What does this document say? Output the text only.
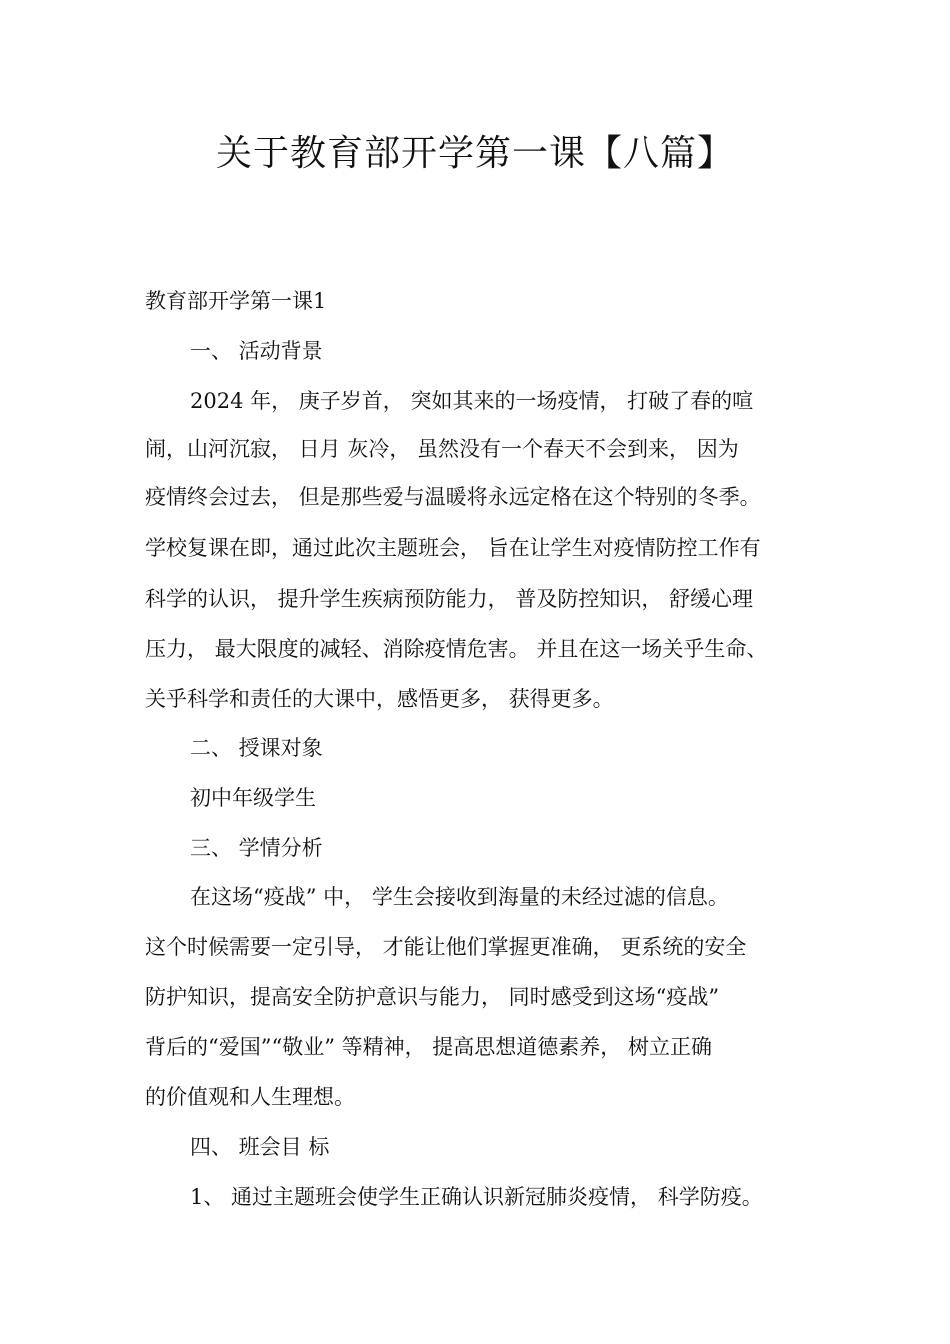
关于教育部开学第一课【八篇】

教育部开学第一课1

一、 活动背景

2024 年， 庚子岁首， 突如其来的一场疫情， 打破了春的喧

闹，山河沉寂， 日月 灰冷， 虽然没有一个春天不会到来， 因为

疫情终会过去， 但是那些爱与温暖将永远定格在这个特别的冬季。

学校复课在即，通过此次主题班会， 旨在让学生对疫情防控工作有

科学的认识， 提升学生疾病预防能力， 普及防控知识， 舒缓心理

压力， 最大限度的减轻、消除疫情危害。 并且在这一场关乎生命、

关乎科学和责任的大课中，感悟更多， 获得更多。

二、 授课对象

初中年级学生

三、 学情分析

在这场“疫战” 中， 学生会接收到海量的未经过滤的信息。

这个时候需要一定引导， 才能让他们掌握更准确， 更系统的安全

防护知识，提高安全防护意识与能力， 同时感受到这场“疫战”

背后的“爱国”“敬业” 等精神， 提高思想道德素养， 树立正确

的价值观和人生理想。

四、 班会目 标

1、 通过主题班会使学生正确认识新冠肺炎疫情， 科学防疫。
